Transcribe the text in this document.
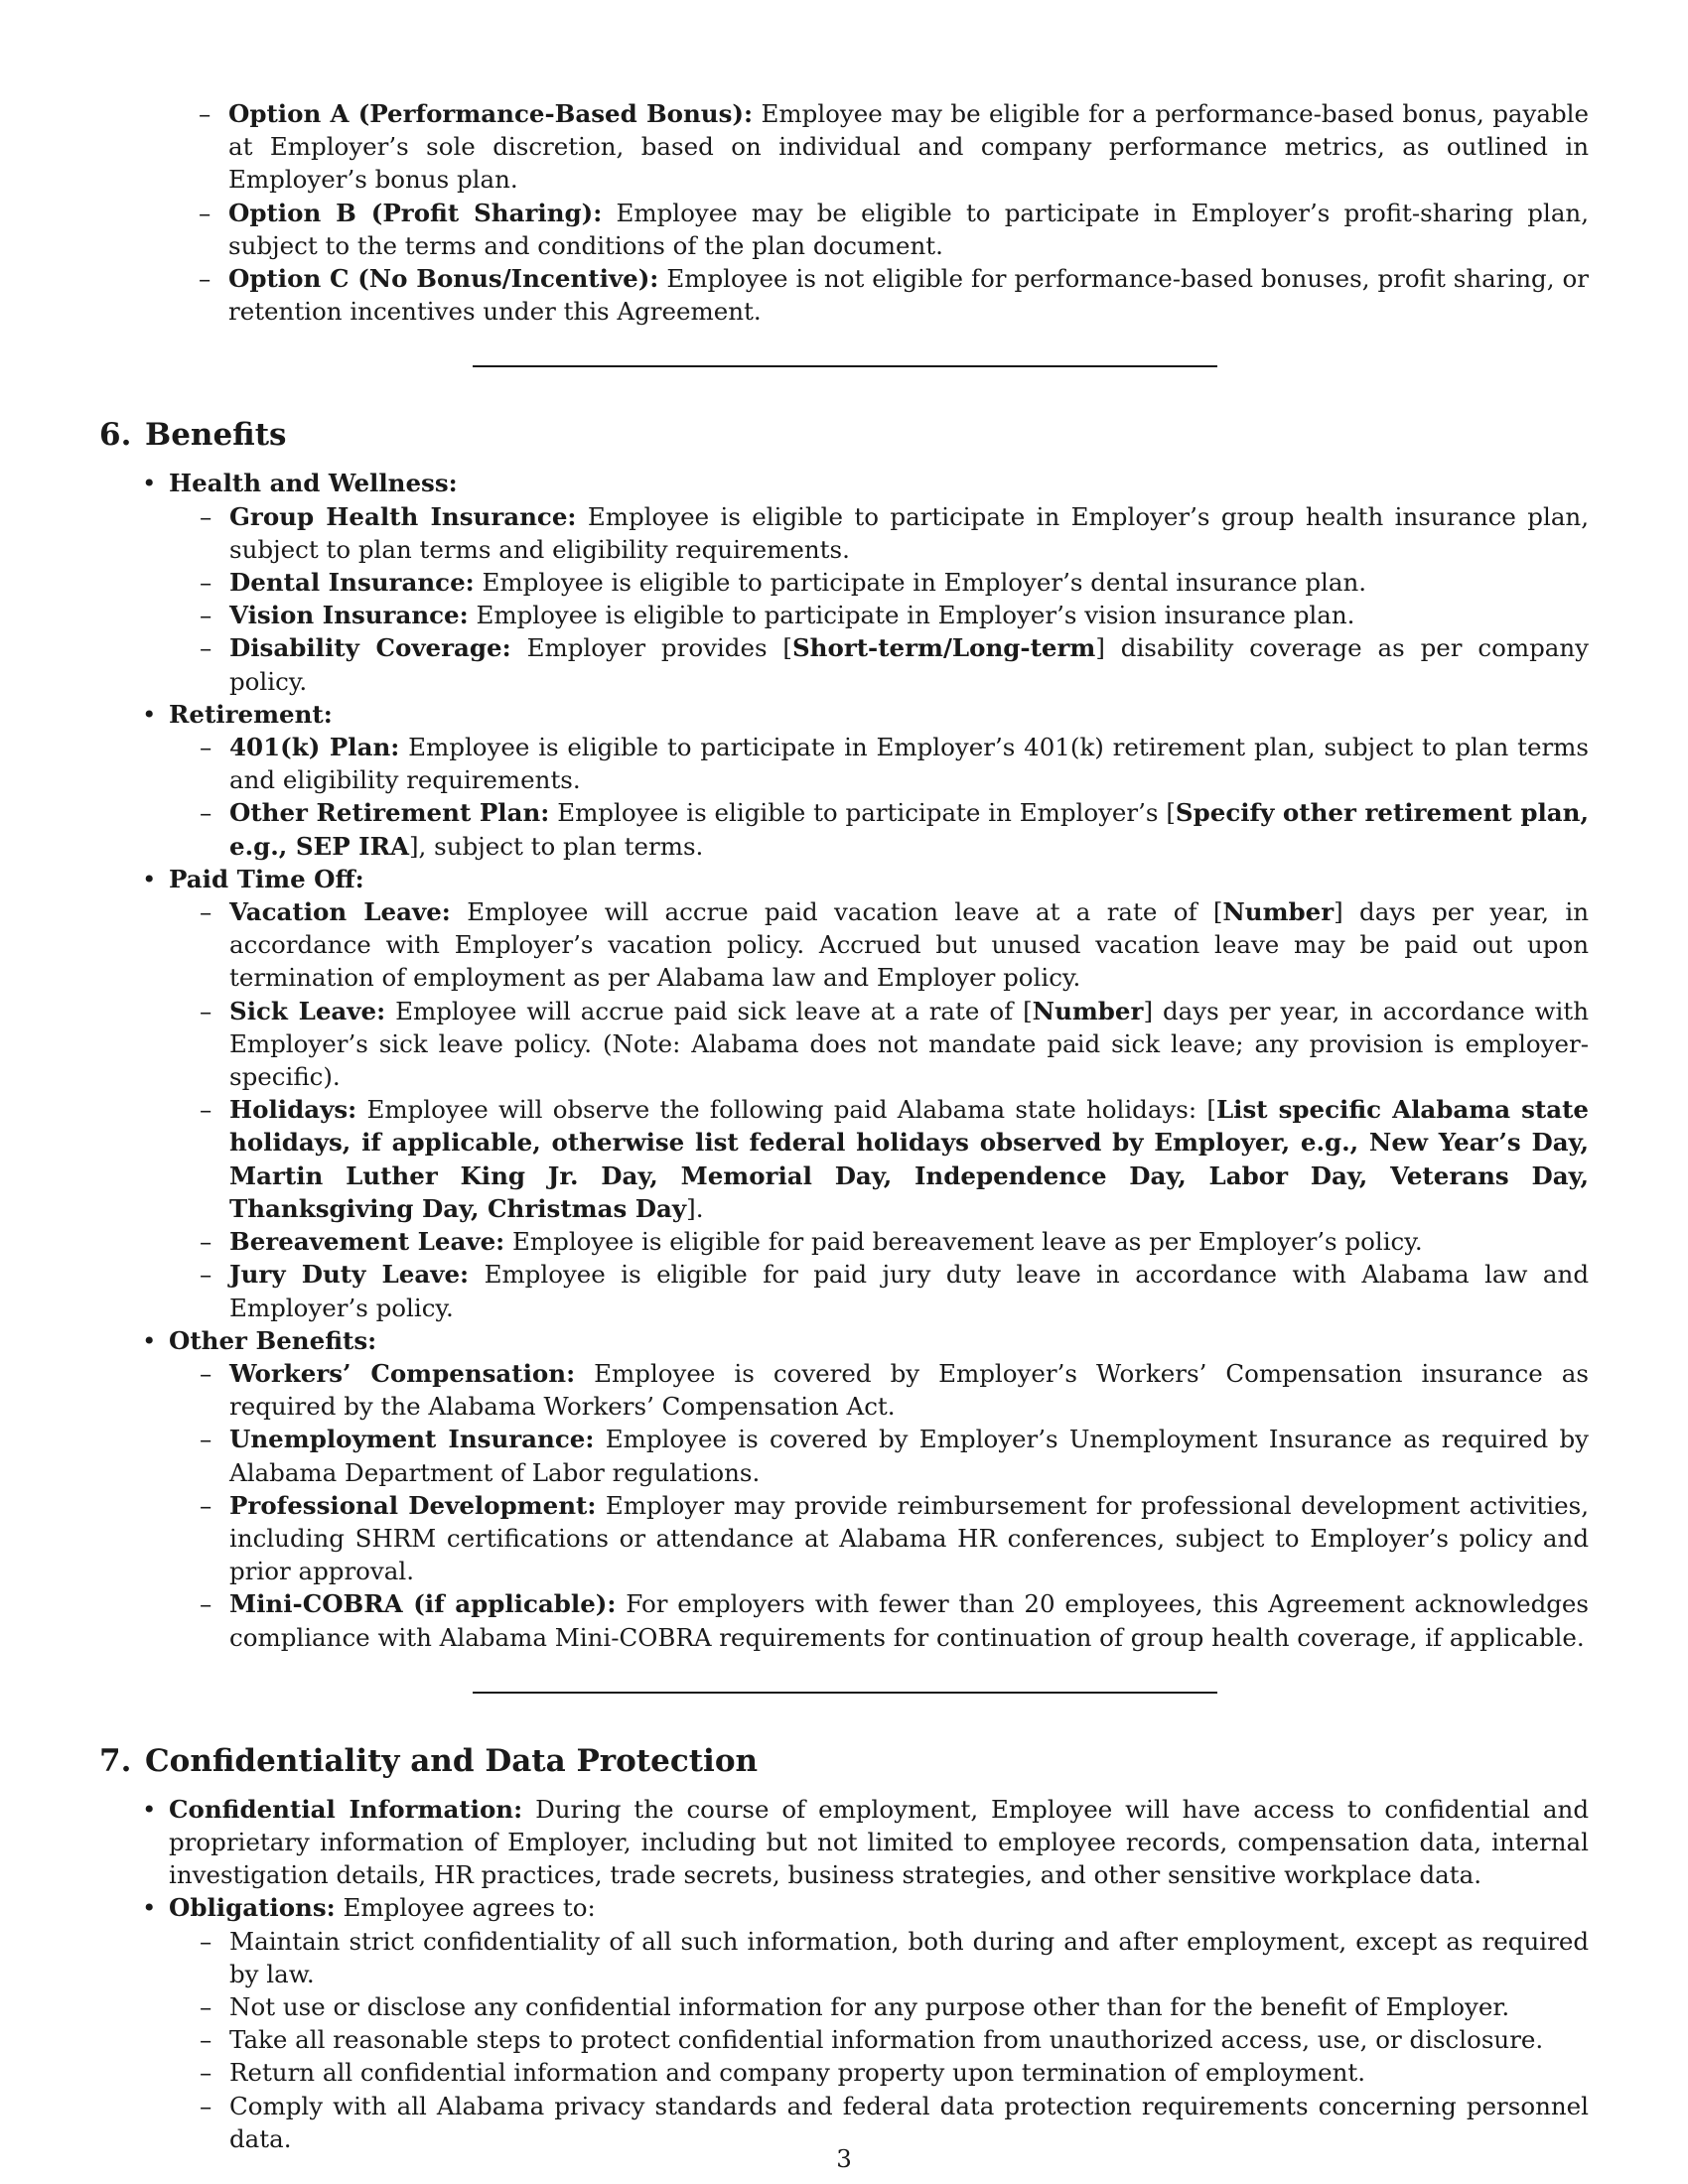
– Option A (Performance-Based Bonus): Employee may be eligible for a performance-based bonus, payable at Employer’s sole discretion, based on individual and company performance metrics, as outlined in Employer’s bonus plan.
– Option B (Profit Sharing): Employee may be eligible to participate in Employer’s profit-sharing plan, subject to the terms and conditions of the plan document.
– Option C (No Bonus/Incentive): Employee is not eligible for performance-based bonuses, profit sharing, or retention incentives under this Agreement.
6. Benefits
• Health and Wellness:
– Group Health Insurance: Employee is eligible to participate in Employer’s group health insurance plan, subject to plan terms and eligibility requirements.
– Dental Insurance: Employee is eligible to participate in Employer’s dental insurance plan.
– Vision Insurance: Employee is eligible to participate in Employer’s vision insurance plan.
– Disability Coverage: Employer provides [Short-term/Long-term] disability coverage as per company policy.
• Retirement:
– 401(k) Plan: Employee is eligible to participate in Employer’s 401(k) retirement plan, subject to plan terms and eligibility requirements.
– Other Retirement Plan: Employee is eligible to participate in Employer’s [Specify other retirement plan, e.g., SEP IRA], subject to plan terms.
• Paid Time Off:
– Vacation Leave: Employee will accrue paid vacation leave at a rate of [Number] days per year, in accordance with Employer’s vacation policy. Accrued but unused vacation leave may be paid out upon termination of employment as per Alabama law and Employer policy.
– Sick Leave: Employee will accrue paid sick leave at a rate of [Number] days per year, in accordance with Employer’s sick leave policy. (Note: Alabama does not mandate paid sick leave; any provision is employer-specific).
– Holidays: Employee will observe the following paid Alabama state holidays: [List specific Alabama state holidays, if applicable, otherwise list federal holidays observed by Employer, e.g., New Year’s Day, Martin Luther King Jr. Day, Memorial Day, Independence Day, Labor Day, Veterans Day, Thanksgiving Day, Christmas Day].
– Bereavement Leave: Employee is eligible for paid bereavement leave as per Employer’s policy.
– Jury Duty Leave: Employee is eligible for paid jury duty leave in accordance with Alabama law and Employer’s policy.
• Other Benefits:
– Workers’ Compensation: Employee is covered by Employer’s Workers’ Compensation insurance as required by the Alabama Workers’ Compensation Act.
– Unemployment Insurance: Employee is covered by Employer’s Unemployment Insurance as required by Alabama Department of Labor regulations.
– Professional Development: Employer may provide reimbursement for professional development activities, including SHRM certifications or attendance at Alabama HR conferences, subject to Employer’s policy and prior approval.
– Mini-COBRA (if applicable): For employers with fewer than 20 employees, this Agreement acknowledges compliance with Alabama Mini-COBRA requirements for continuation of group health coverage, if applicable.
7. Confidentiality and Data Protection
• Confidential Information: During the course of employment, Employee will have access to confidential and proprietary information of Employer, including but not limited to employee records, compensation data, internal investigation details, HR practices, trade secrets, business strategies, and other sensitive workplace data.
• Obligations: Employee agrees to:
– Maintain strict confidentiality of all such information, both during and after employment, except as required by law.
– Not use or disclose any confidential information for any purpose other than for the benefit of Employer.
– Take all reasonable steps to protect confidential information from unauthorized access, use, or disclosure.
– Return all confidential information and company property upon termination of employment.
– Comply with all Alabama privacy standards and federal data protection requirements concerning personnel data.
3
